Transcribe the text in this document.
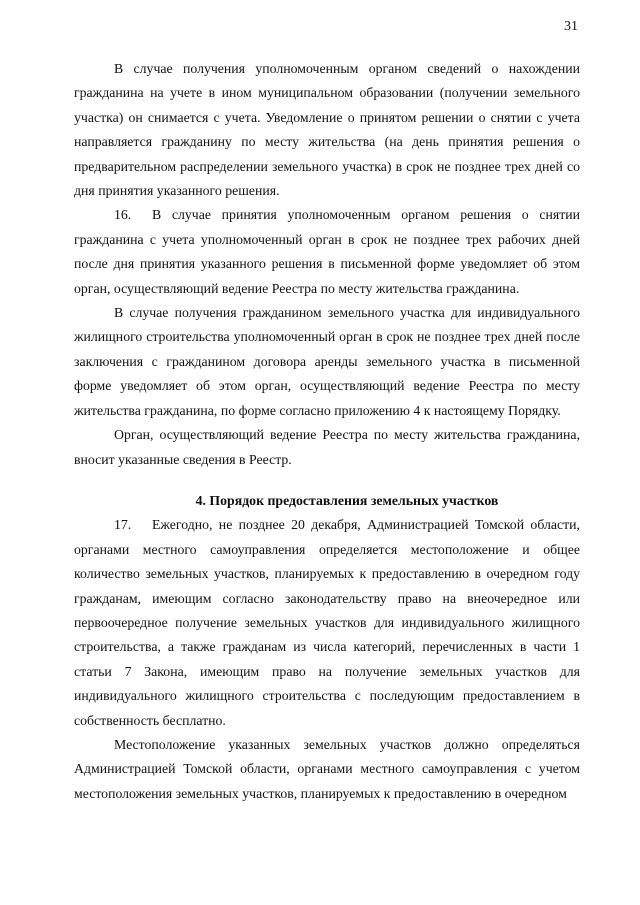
31

В случае получения уполномоченным органом сведений о нахождении гражданина на учете в ином муниципальном образовании (получении земельного участка) он снимается с учета. Уведомление о принятом решении о снятии с учета направляется гражданину по месту жительства (на день принятия решения о предварительном распределении земельного участка) в срок не позднее трех дней со дня принятия указанного решения.

16. В случае принятия уполномоченным органом решения о снятии гражданина с учета уполномоченный орган в срок не позднее трех рабочих дней после дня принятия указанного решения в письменной форме уведомляет об этом орган, осуществляющий ведение Реестра по месту жительства гражданина.

В случае получения гражданином земельного участка для индивидуального жилищного строительства уполномоченный орган в срок не позднее трех дней после заключения с гражданином договора аренды земельного участка в письменной форме уведомляет об этом орган, осуществляющий ведение Реестра по месту жительства гражданина, по форме согласно приложению 4 к настоящему Порядку.

Орган, осуществляющий ведение Реестра по месту жительства гражданина, вносит указанные сведения в Реестр.

4. Порядок предоставления земельных участков

17. Ежегодно, не позднее 20 декабря, Администрацией Томской области, органами местного самоуправления определяется местоположение и общее количество земельных участков, планируемых к предоставлению в очередном году гражданам, имеющим согласно законодательству право на внеочередное или первоочередное получение земельных участков для индивидуального жилищного строительства, а также гражданам из числа категорий, перечисленных в части 1 статьи 7 Закона, имеющим право на получение земельных участков для индивидуального жилищного строительства с последующим предоставлением в собственность бесплатно.

Местоположение указанных земельных участков должно определяться Администрацией Томской области, органами местного самоуправления с учетом местоположения земельных участков, планируемых к предоставлению в очередном
